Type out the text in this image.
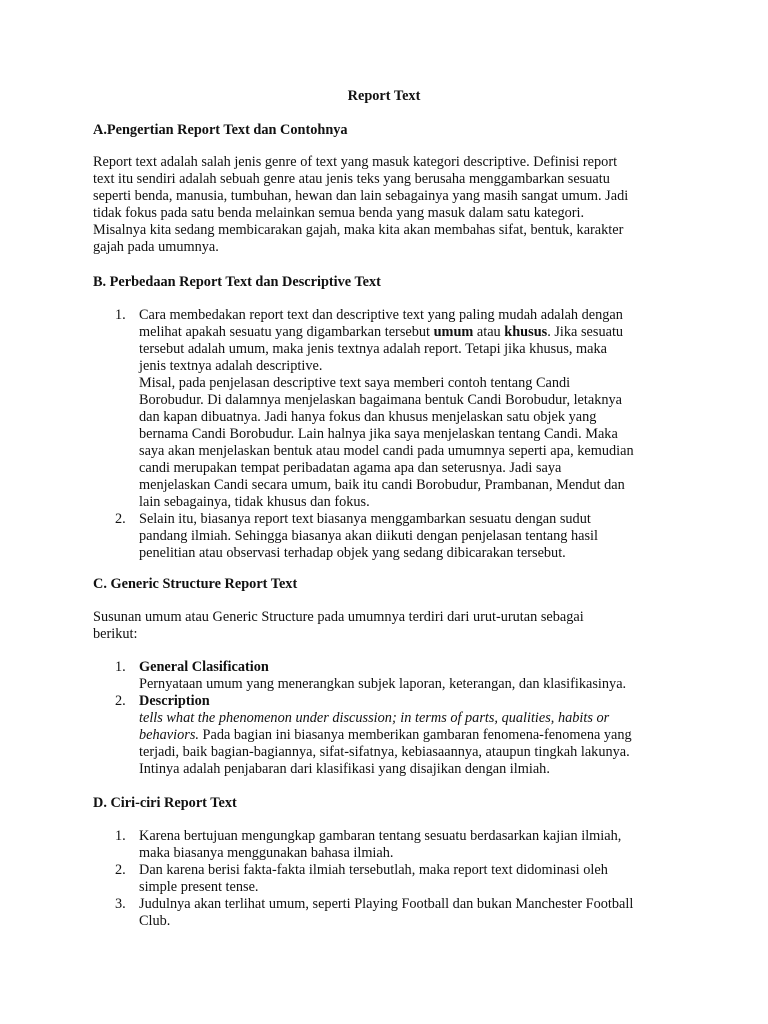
Report Text
A.Pengertian Report Text dan Contohnya
Report text adalah salah jenis genre of text yang masuk kategori descriptive. Definisi report
text itu sendiri adalah sebuah genre atau jenis teks yang berusaha menggambarkan sesuatu
seperti benda, manusia, tumbuhan, hewan dan lain sebagainya yang masih sangat umum. Jadi
tidak fokus pada satu benda melainkan semua benda yang masuk dalam satu kategori.
Misalnya kita sedang membicarakan gajah, maka kita akan membahas sifat, bentuk, karakter
gajah pada umumnya.
B. Perbedaan Report Text dan Descriptive Text
1. Cara membedakan report text dan descriptive text yang paling mudah adalah dengan
melihat apakah sesuatu yang digambarkan tersebut umum atau khusus. Jika sesuatu
tersebut adalah umum, maka jenis textnya adalah report. Tetapi jika khusus, maka
jenis textnya adalah descriptive.
Misal, pada penjelasan descriptive text saya memberi contoh tentang Candi
Borobudur. Di dalamnya menjelaskan bagaimana bentuk Candi Borobudur, letaknya
dan kapan dibuatnya. Jadi hanya fokus dan khusus menjelaskan satu objek yang
bernama Candi Borobudur. Lain halnya jika saya menjelaskan tentang Candi. Maka
saya akan menjelaskan bentuk atau model candi pada umumnya seperti apa, kemudian
candi merupakan tempat peribadatan agama apa dan seterusnya. Jadi saya
menjelaskan Candi secara umum, baik itu candi Borobudur, Prambanan, Mendut dan
lain sebagainya, tidak khusus dan fokus.
2. Selain itu, biasanya report text biasanya menggambarkan sesuatu dengan sudut
pandang ilmiah. Sehingga biasanya akan diikuti dengan penjelasan tentang hasil
penelitian atau observasi terhadap objek yang sedang dibicarakan tersebut.
C. Generic Structure Report Text
Susunan umum atau Generic Structure pada umumnya terdiri dari urut-urutan sebagai
berikut:
1. General Clasification
Pernyataan umum yang menerangkan subjek laporan, keterangan, dan klasifikasinya.
2. Description
tells what the phenomenon under discussion; in terms of parts, qualities, habits or
behaviors. Pada bagian ini biasanya memberikan gambaran fenomena-fenomena yang
terjadi, baik bagian-bagiannya, sifat-sifatnya, kebiasaannya, ataupun tingkah lakunya.
Intinya adalah penjabaran dari klasifikasi yang disajikan dengan ilmiah.
D. Ciri-ciri Report Text
1. Karena bertujuan mengungkap gambaran tentang sesuatu berdasarkan kajian ilmiah,
maka biasanya menggunakan bahasa ilmiah.
2. Dan karena berisi fakta-fakta ilmiah tersebutlah, maka report text didominasi oleh
simple present tense.
3. Judulnya akan terlihat umum, seperti Playing Football dan bukan Manchester Football
Club.
